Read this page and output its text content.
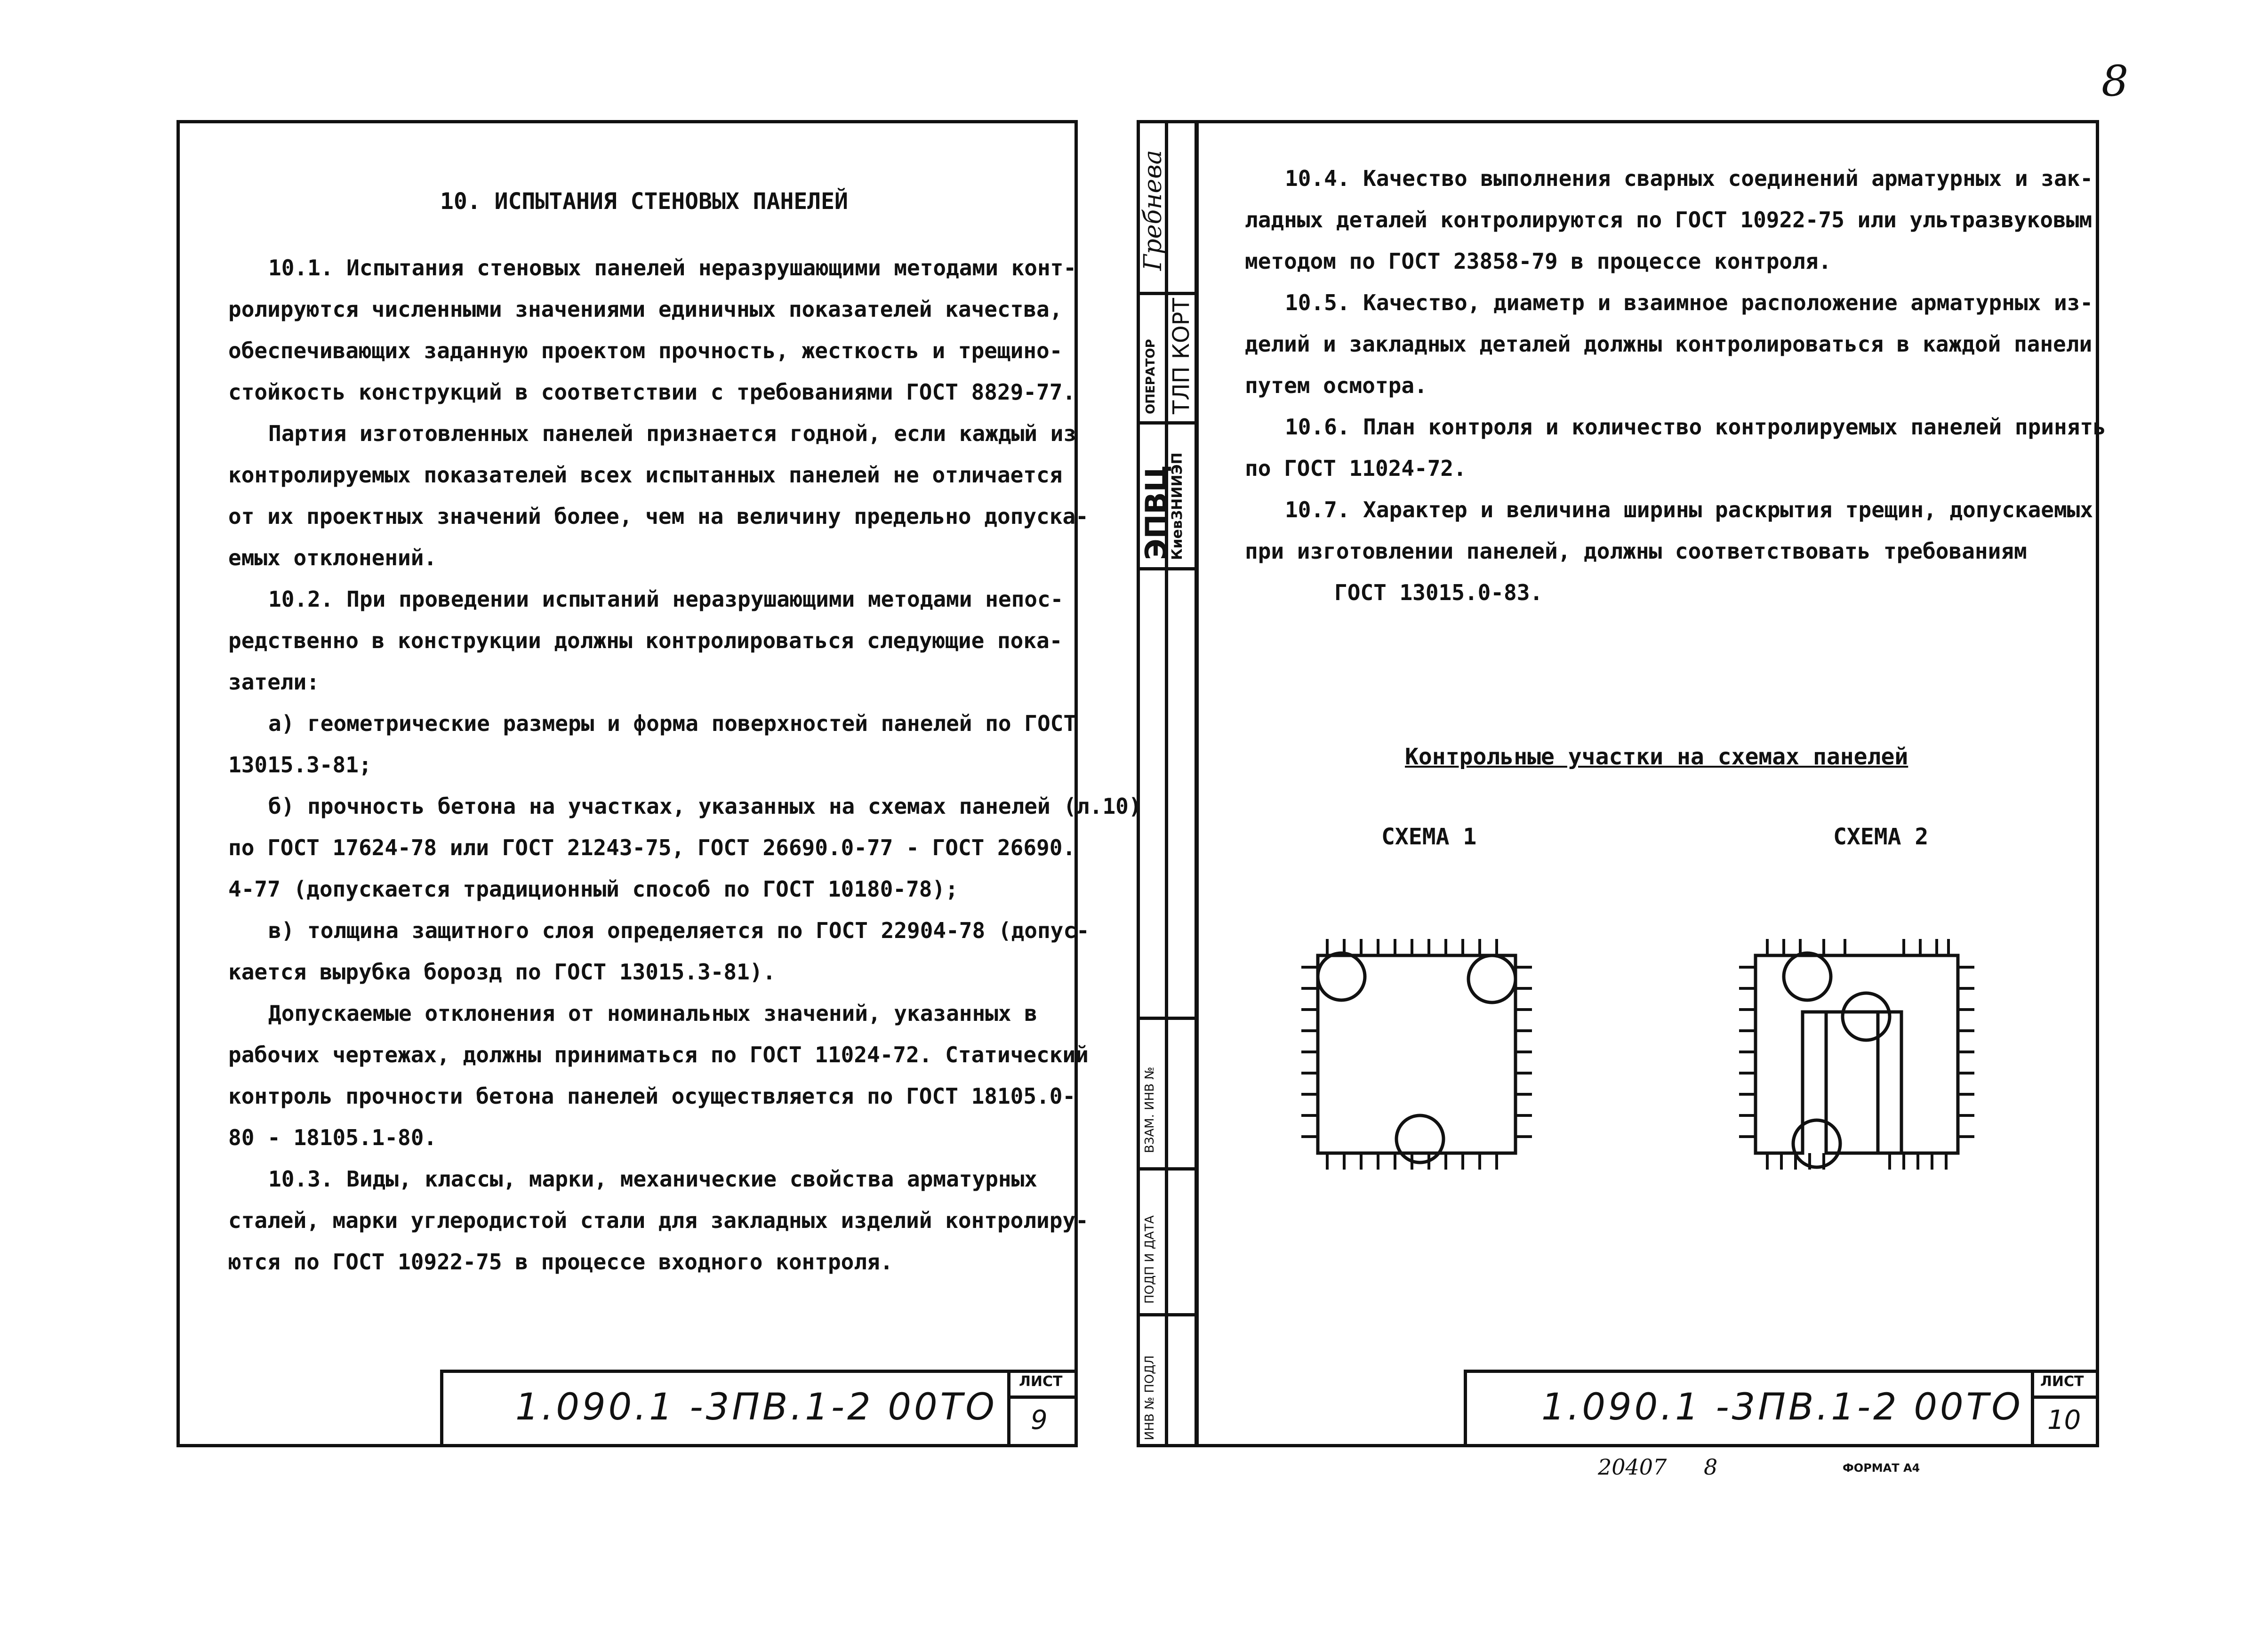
8
10. ИСПЫТАНИЯ СТЕНОВЫХ ПАНЕЛЕЙ
10.1. Испытания стеновых панелей неразрушающими методами конт-
ролируются численными значениями единичных показателей качества,
обеспечивающих заданную проектом прочность, жесткость и трещино-
стойкость конструкций в соответствии с требованиями ГОСТ 8829-77.
Партия изготовленных панелей признается годной, если каждый из
контролируемых показателей всех испытанных панелей не отличается
от их проектных значений более, чем на величину предельно допуска-
емых отклонений.
10.2. При проведении испытаний неразрушающими методами непос-
редственно в конструкции должны контролироваться следующие пока-
затели:
а) геометрические размеры и форма поверхностей панелей по ГОСТ
13015.3-81;
б) прочность бетона на участках, указанных на схемах панелей (л.10)
по ГОСТ 17624-78 или ГОСТ 21243-75, ГОСТ 26690.0-77 - ГОСТ 26690.
4-77 (допускается традиционный способ по ГОСТ 10180-78);
в) толщина защитного слоя определяется по ГОСТ 22904-78 (допус-
кается вырубка борозд по ГОСТ 13015.3-81).
Допускаемые отклонения от номинальных значений, указанных в
рабочих чертежах, должны приниматься по ГОСТ 11024-72. Статический
контроль прочности бетона панелей осуществляется по ГОСТ 18105.0-
80 - 18105.1-80.
10.3. Виды, классы, марки, механические свойства арматурных
сталей, марки углеродистой стали для закладных изделий контролиру-
ются по ГОСТ 10922-75 в процессе входного контроля.
1.090.1 -3ПВ.1-2 00ТО
ЛИСТ
9
Гребнева
ОПЕРАТОР ТЛП КОРТ
ЭПВЦ
КиевЗНИИЭП
ВЗАМ. ИНВ №
ПОДП И ДАТА
ИНВ № ПОДЛ
10.4. Качество выполнения сварных соединений арматурных и зак-
ладных деталей контролируются по ГОСТ 10922-75 или ультразвуковым
методом по ГОСТ 23858-79 в процессе контроля.
10.5. Качество, диаметр и взаимное расположение арматурных из-
делий и закладных деталей должны контролироваться в каждой панели
путем осмотра.
10.6. План контроля и количество контролируемых панелей принять
по ГОСТ 11024-72.
10.7. Характер и величина ширины раскрытия трещин, допускаемых
при изготовлении панелей, должны соответствовать требованиям
ГОСТ 13015.0-83.
Контрольные участки на схемах панелей
СХЕМА 1	СХЕМА 2
1.090.1 -3ПВ.1-2 00ТО
ЛИСТ
10
20407 8	ФОРМАТ А4
